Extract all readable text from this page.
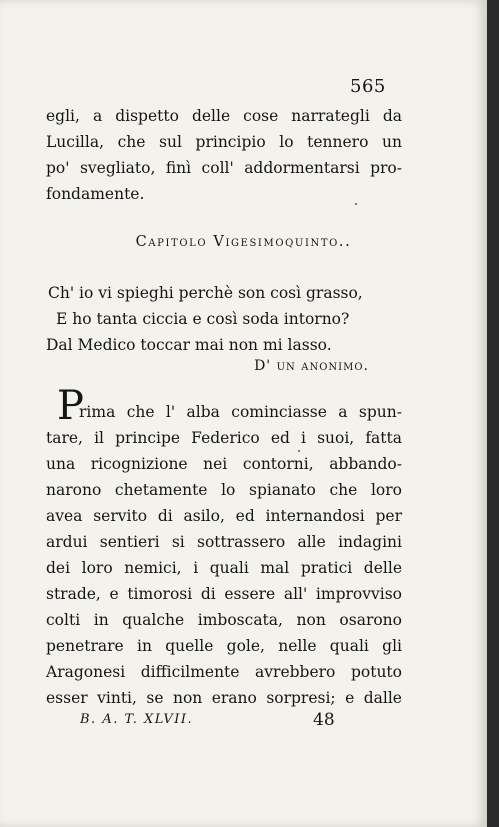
565
egli, a dispetto delle cose narrategli da
Lucilla, che sul principio lo tennero un
po' svegliato, finì coll' addormentarsi pro-
fondamente.
Capitolo Vigesimoquinto..
Ch' io vi spieghi perchè son così grasso,
E ho tanta ciccia e così soda intorno?
Dal Medico toccar mai non mi lasso.
D' un anonimo.
P
rima che l' alba cominciasse a spun-
tare, il principe Federico ed i suoi, fatta
una ricognizione nei contorni, abbando-
narono chetamente lo spianato che loro
avea servito di asilo, ed internandosi per
ardui sentieri si sottrassero alle indagini
dei loro nemici, i quali mal pratici delle
strade, e timorosi di essere all' improvviso
colti in qualche imboscata, non osarono
penetrare in quelle gole, nelle quali gli
Aragonesi difficilmente avrebbero potuto
esser vinti, se non erano sorpresi; e dalle
B. A. T. XLVII.	48
